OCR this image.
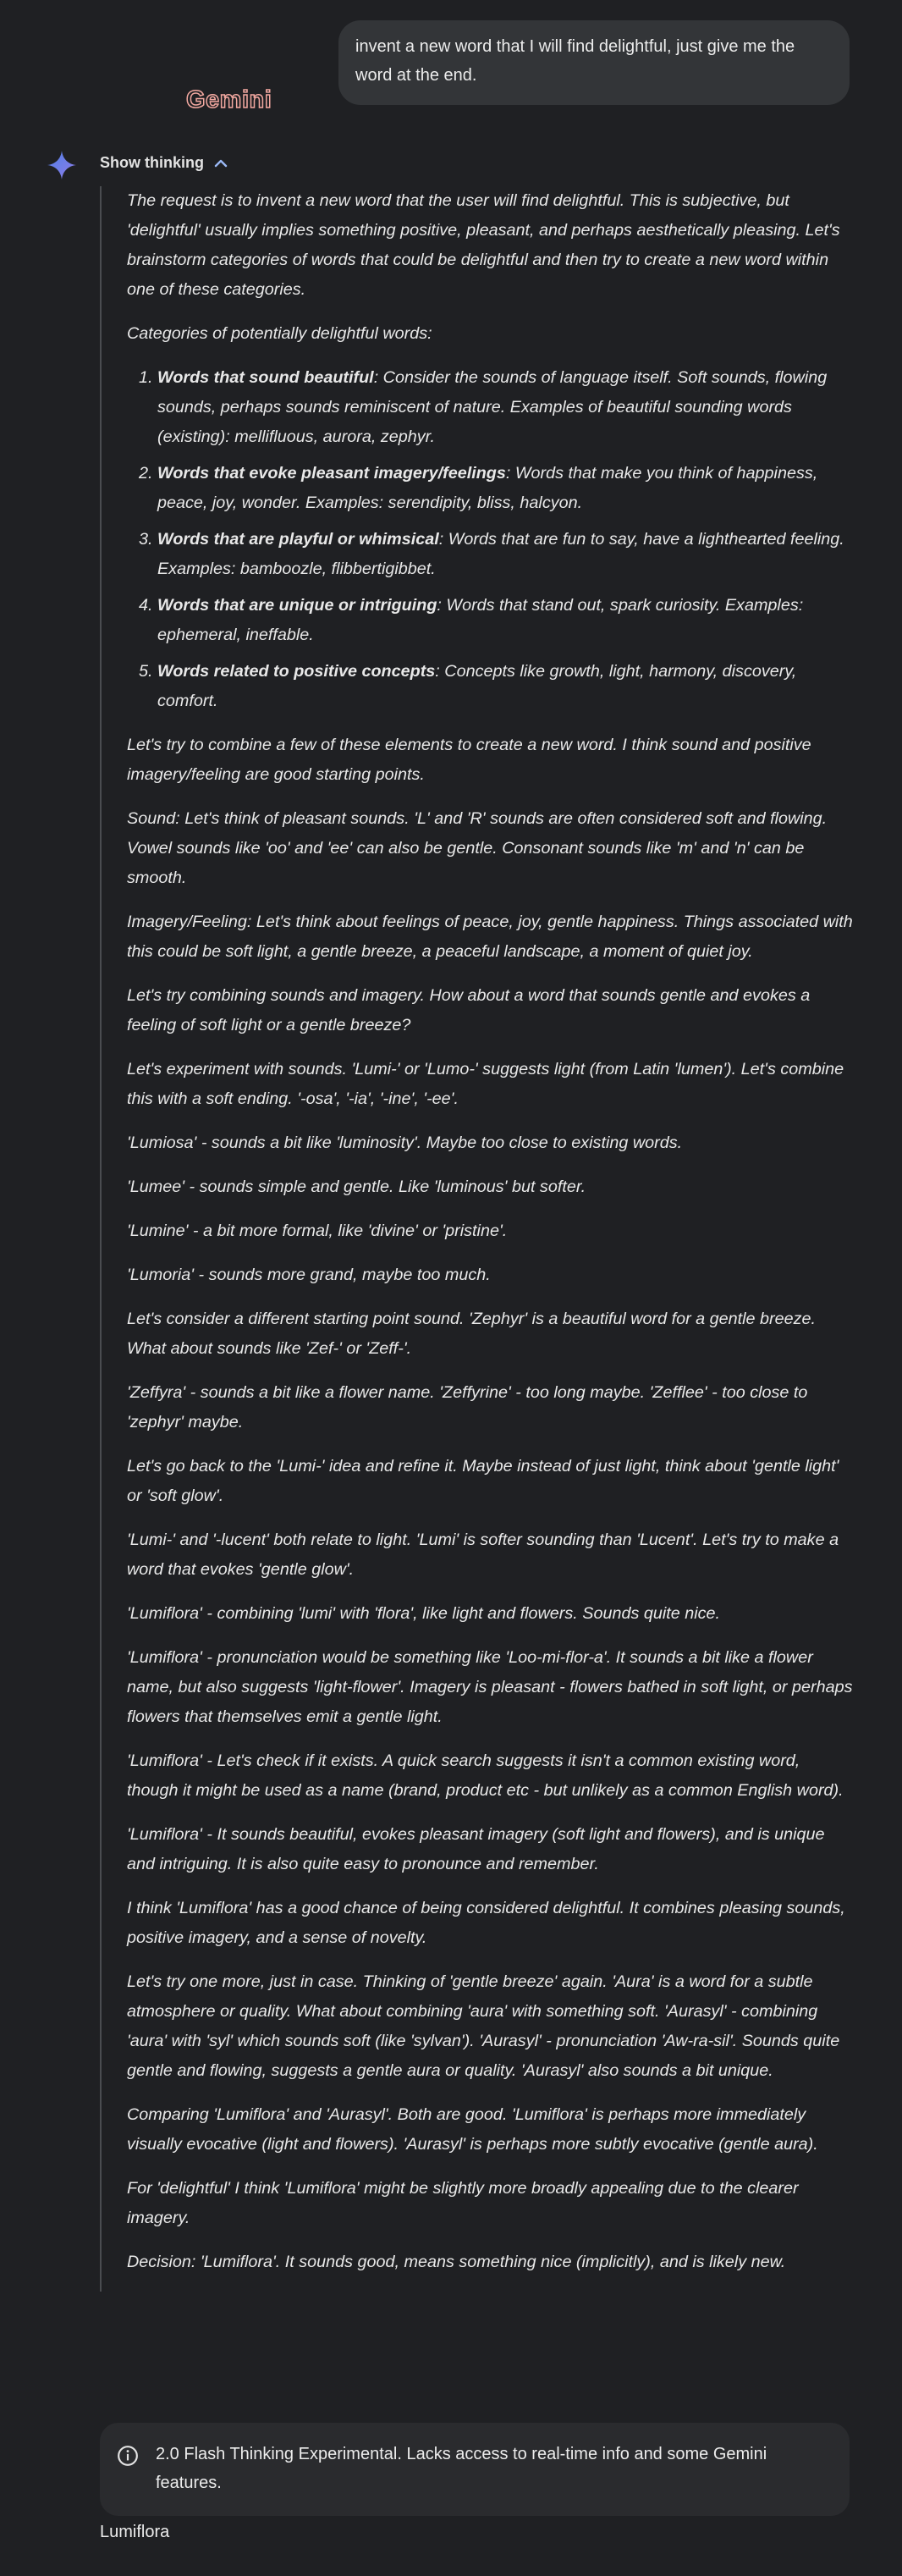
invent a new word that I will find delightful, just give me the word at the end.
Gemini
Show thinking

The request is to invent a new word that the user will find delightful. This is subjective, but 'delightful' usually implies something positive, pleasant, and perhaps aesthetically pleasing. Let's brainstorm categories of words that could be delightful and then try to create a new word within one of these categories.

Categories of potentially delightful words:

1. Words that sound beautiful: Consider the sounds of language itself. Soft sounds, flowing sounds, perhaps sounds reminiscent of nature. Examples of beautiful sounding words (existing): mellifluous, aurora, zephyr.
2. Words that evoke pleasant imagery/feelings: Words that make you think of happiness, peace, joy, wonder. Examples: serendipity, bliss, halcyon.
3. Words that are playful or whimsical: Words that are fun to say, have a lighthearted feeling. Examples: bamboozle, flibbertigibbet.
4. Words that are unique or intriguing: Words that stand out, spark curiosity. Examples: ephemeral, ineffable.
5. Words related to positive concepts: Concepts like growth, light, harmony, discovery, comfort.

Let's try to combine a few of these elements to create a new word. I think sound and positive imagery/feeling are good starting points.

Sound: Let's think of pleasant sounds. 'L' and 'R' sounds are often considered soft and flowing. Vowel sounds like 'oo' and 'ee' can also be gentle. Consonant sounds like 'm' and 'n' can be smooth.

Imagery/Feeling: Let's think about feelings of peace, joy, gentle happiness. Things associated with this could be soft light, a gentle breeze, a peaceful landscape, a moment of quiet joy.

Let's try combining sounds and imagery. How about a word that sounds gentle and evokes a feeling of soft light or a gentle breeze?

Let's experiment with sounds. 'Lumi-' or 'Lumo-' suggests light (from Latin 'lumen'). Let's combine this with a soft ending. '-osa', '-ia', '-ine', '-ee'.

'Lumiosa' - sounds a bit like 'luminosity'. Maybe too close to existing words.

'Lumee' - sounds simple and gentle. Like 'luminous' but softer.

'Lumine' - a bit more formal, like 'divine' or 'pristine'.

'Lumoria' - sounds more grand, maybe too much.

Let's consider a different starting point sound. 'Zephyr' is a beautiful word for a gentle breeze. What about sounds like 'Zef-' or 'Zeff-'.

'Zeffyra' - sounds a bit like a flower name. 'Zeffyrine' - too long maybe. 'Zefflee' - too close to 'zephyr' maybe.

Let's go back to the 'Lumi-' idea and refine it. Maybe instead of just light, think about 'gentle light' or 'soft glow'.

'Lumi-' and '-lucent' both relate to light. 'Lumi' is softer sounding than 'Lucent'. Let's try to make a word that evokes 'gentle glow'.

'Lumiflora' - combining 'lumi' with 'flora', like light and flowers. Sounds quite nice.

'Lumiflora' - pronunciation would be something like 'Loo-mi-flor-a'. It sounds a bit like a flower name, but also suggests 'light-flower'. Imagery is pleasant - flowers bathed in soft light, or perhaps flowers that themselves emit a gentle light.

'Lumiflora' - Let's check if it exists. A quick search suggests it isn't a common existing word, though it might be used as a name (brand, product etc - but unlikely as a common English word).

'Lumiflora' - It sounds beautiful, evokes pleasant imagery (soft light and flowers), and is unique and intriguing. It is also quite easy to pronounce and remember.

I think 'Lumiflora' has a good chance of being considered delightful. It combines pleasing sounds, positive imagery, and a sense of novelty.

Let's try one more, just in case. Thinking of 'gentle breeze' again. 'Aura' is a word for a subtle atmosphere or quality. What about combining 'aura' with something soft. 'Aurasyl' - combining 'aura' with 'syl' which sounds soft (like 'sylvan'). 'Aurasyl' - pronunciation 'Aw-ra-sil'. Sounds quite gentle and flowing, suggests a gentle aura or quality. 'Aurasyl' also sounds a bit unique.

Comparing 'Lumiflora' and 'Aurasyl'. Both are good. 'Lumiflora' is perhaps more immediately visually evocative (light and flowers). 'Aurasyl' is perhaps more subtly evocative (gentle aura).

For 'delightful' I think 'Lumiflora' might be slightly more broadly appealing due to the clearer imagery.

Decision: 'Lumiflora'. It sounds good, means something nice (implicitly), and is likely new.

2.0 Flash Thinking Experimental. Lacks access to real-time info and some Gemini features.
Lumiflora
